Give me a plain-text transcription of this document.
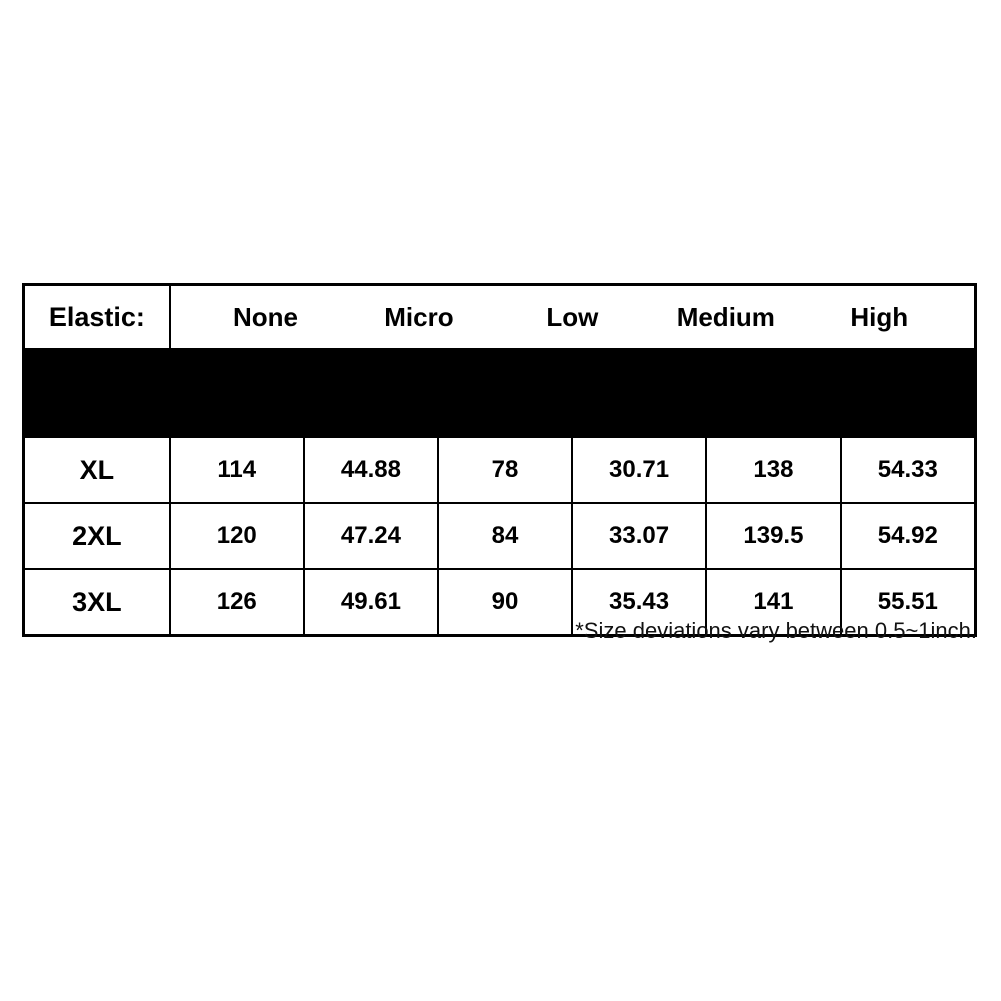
Elastic:	None Micro Low Medium High					

Size	Bust		Waist		Length	
	cm	inch	cm	inch	cm	inch
XL	114	44.88	78	30.71	138	54.33
2XL	120	47.24	84	33.07	139.5	54.92
3XL	126	49.61	90	35.43	141	55.51
*Size deviations vary between 0.5~1inch.
